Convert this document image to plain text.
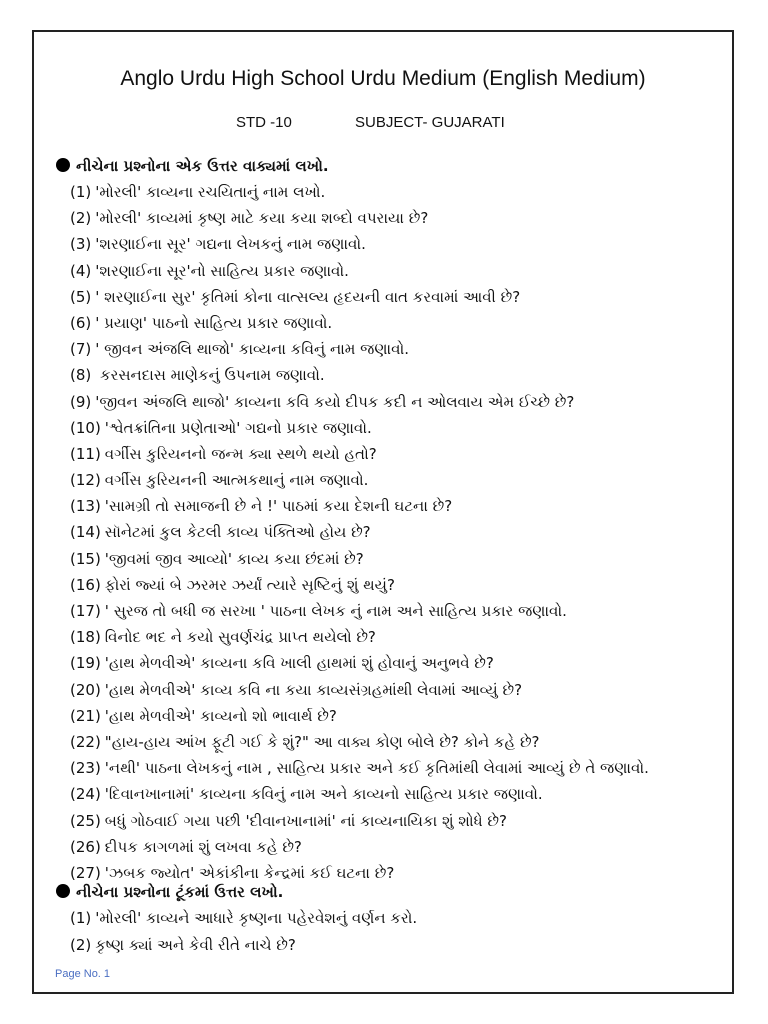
Anglo Urdu High School Urdu Medium (English Medium)
STD -10	SUBJECT- GUJARATI
નીચેના પ્રશ્નોના એક ઉત્તર વાક્યમાં લખો.
(1) 'મોરલી' કાવ્યના રચયિતાનું નામ લખો.
(2) 'મોરલી' કાવ્યમાં કૃષ્ણ માટે કયા કયા શબ્દો વપરાયા છે?
(3) 'શરણાઈના સૂર' ગદ્યના લેખકનું નામ જણાવો.
(4) 'શરણાઈના સૂર'નો સાહિત્ય પ્રકાર જણાવો.
(5) ' શરણાઈના સુર' કૃતિમાં કોના વાત્સલ્ય હૃદયની વાત કરવામાં આવી છે?
(6) ' પ્રયાણ' પાઠનો સાહિત્ય પ્રકાર જણાવો.
(7) ' જીવન અંજલિ થાજો' કાવ્યના કવિનું નામ જણાવો.
(8) કરસનદાસ માણેકનું ઉપનામ જણાવો.
(9) 'જીવન અંજલિ થાજો' કાવ્યના કવિ કયો દીપક કદી ન ઓલવાય એમ ઈચ્છે છે?
(10) 'શ્વેતક્રાંતિના પ્રણેતાઓ' ગદ્યનો પ્રકાર જણાવો.
(11) વર્ગીસ કુરિયનનો જન્મ ક્યા સ્થળે થયો હતો?
(12) વર્ગીસ કુરિયનની આત્મકથાનું નામ જણાવો.
(13) 'સામગ્રી તો સમાજની છે ને !' પાઠમાં કયા દેશની ઘટના છે?
(14) સૉનેટમાં કુલ કેટલી કાવ્ય પંક્તિઓ હોય છે?
(15) 'જીવમાં જીવ આવ્યો' કાવ્ય કયા છંદમાં છે?
(16) ફોરાં જ્યાં બે ઝરમર ઝર્યાં ત્યારે સૃષ્ટિનું શું થયું?
(17) ' સુરજ તો બધી જ સરખા ' પાઠના લેખક નું નામ અને સાહિત્ય પ્રકાર જણાવો.
(18) વિનોદ ભદ ને કયો સુવર્ણચંદ્ર પ્રાપ્ત થયેલો છે?
(19) 'હાથ મેળવીએ' કાવ્યના કવિ ખાલી હાથમાં શું હોવાનું અનુભવે છે?
(20) 'હાથ મેળવીએ' કાવ્ય કવિ ના કયા કાવ્યસંગ્રહમાંથી લેવામાં આવ્યું છે?
(21) 'હાથ મેળવીએ' કાવ્યનો શો ભાવાર્થ છે?
(22) "હાય-હાય આંખ ફૂટી ગઈ કે શું?" આ વાક્ય કોણ બોલે છે? કોને કહે છે?
(23) 'નથી' પાઠના લેખકનું નામ , સાહિત્ય પ્રકાર અને કઈ કૃતિમાંથી લેવામાં આવ્યું છે તે જણાવો.
(24) 'દિવાનખાનામાં' કાવ્યના કવિનું નામ અને કાવ્યનો સાહિત્ય પ્રકાર જણાવો.
(25) બધું ગોઠવાઈ ગયા પછી 'દીવાનખાનામાં' નાં કાવ્યનાયિકા શું શોધે છે?
(26) દીપક કાગળમાં શું લખવા કહે છે?
(27) 'ઝબક જ્યોત' એકાંકીના કેન્દ્રમાં કઈ ઘટના છે?
નીચેના પ્રશ્નોના ટૂંકમાં ઉત્તર લખો.
(1) 'મોરલી' કાવ્યને આધારે કૃષ્ણના પહેરવેશનું વર્ણન કરો.
(2) કૃષ્ણ ક્યાં અને કેવી રીતે નાચે છે?
Page No. 1
